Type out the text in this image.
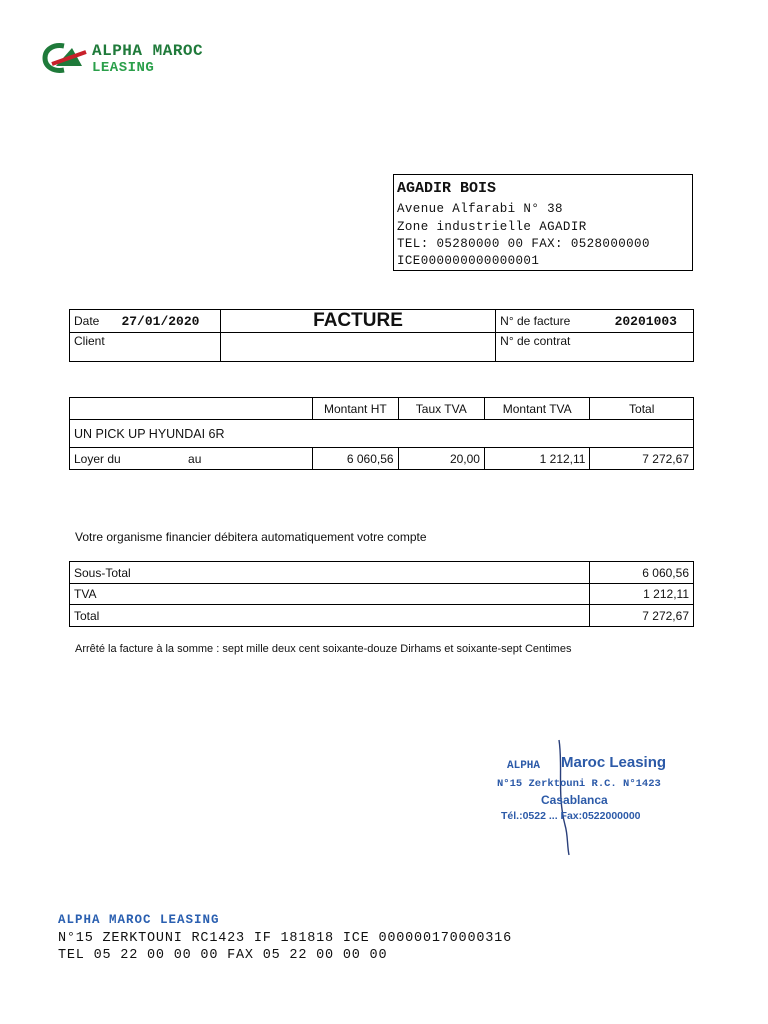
ALPHA MAROC
LEASING
AGADIR BOIS
Avenue Alfarabi N° 38
Zone industrielle AGADIR
TEL: 05280000 00 FAX: 0528000000
ICE000000000000001
Date	27/01/2020	FACTURE	N° de facture	20201003
Client			N° de contrat	
	Montant HT	Taux TVA	Montant TVA	Total
UN PICK UP HYUNDAI 6R				
Loyer du au	6 060,56	20,00	1 212,11	7 272,67
Votre organisme financier débitera automatiquement votre compte
Sous-Total	6 060,56
TVA	1 212,11
Total	7 272,67
Arrêté la facture à la somme : sept mille deux cent soixante-douze Dirhams et soixante-sept Centimes
ALPHA Maroc Leasing
N°15 Zerktouni R.C. N°1423
Casablanca
Tél.:0522 ... Fax:0522000000
ALPHA MAROC LEASING
N°15 ZERKTOUNI RC1423 IF 181818 ICE 000000170000316
TEL 05 22 00 00 00 FAX 05 22 00 00 00
